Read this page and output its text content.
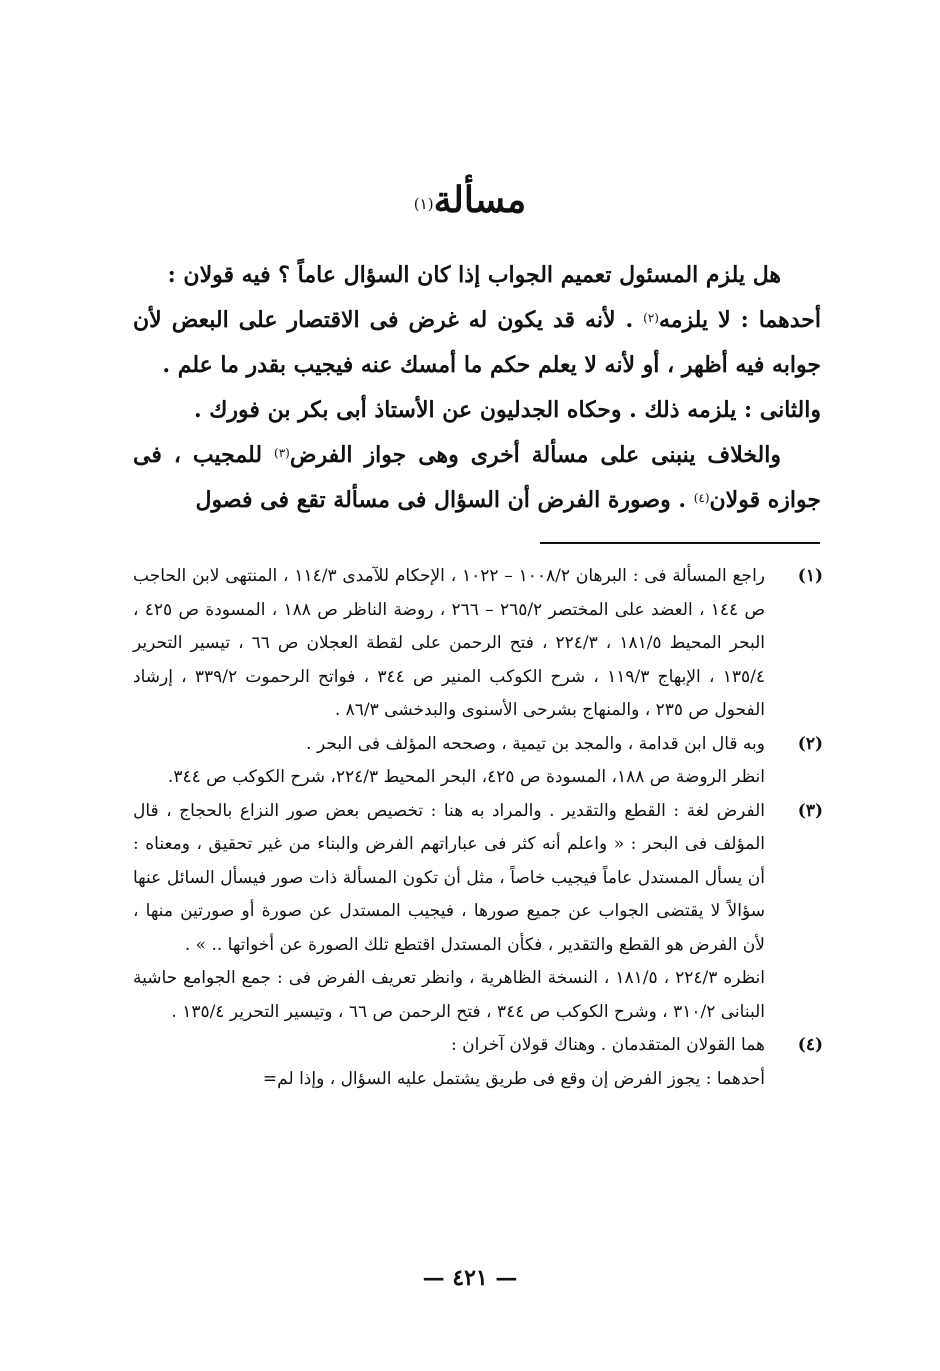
مسألة$^{(١)}$

هل يلزم المسئول تعميم الجواب إذا كان السؤال عاماً ؟ فيه قولان :

أحدهما : لا يلزمه$^{(٢)}$ . لأنه قد يكون له غرض فى الاقتصار على البعض لأن جوابه فيه أظهر ، أو لأنه لا يعلم حكم ما أمسك عنه فيجيب بقدر ما علم .

والثانى : يلزمه ذلك . وحكاه الجدليون عن الأستاذ أبى بكر بن فورك .

والخلاف ينبنى على مسألة أخرى وهى جواز الفرض$^{(٣)}$ للمجيب ، فى جوازه قولان$^{(٤)}$ . وصورة الفرض أن السؤال فى مسألة تقع فى فصول

(١)

راجع المسألة فى : البرهان ١٠٠٨/٢ – ١٠٢٢ ، الإحكام للآمدى ١١٤/٣ ، المنتهى لابن الحاجب ص ١٤٤ ، العضد على المختصر ٢٦٥/٢ – ٢٦٦ ، روضة الناظر ص ١٨٨ ، المسودة ص ٤٢٥ ، البحر المحيط ١٨١/٥ ، ٢٢٤/٣ ، فتح الرحمن على لقطة العجلان ص ٦٦ ، تيسير التحرير ١٣٥/٤ ، الإبهاج ١١٩/٣ ، شرح الكوكب المنير ص ٣٤٤ ، فواتح الرحموت ٣٣٩/٢ ، إرشاد الفحول ص ٢٣٥ ، والمنهاج بشرحى الأسنوى والبدخشى ٨٦/٣ .

(٢)

وبه قال ابن قدامة ، والمجد بن تيمية ، وصححه المؤلف فى البحر .

انظر الروضة ص ١٨٨، المسودة ص ٤٢٥، البحر المحيط ٢٢٤/٣، شرح الكوكب ص ٣٤٤.

(٣)

الفرض لغة : القطع والتقدير . والمراد به هنا : تخصيص بعض صور النزاع بالحجاج ، قال المؤلف فى البحر : « واعلم أنه كثر فى عباراتهم الفرض والبناء من غير تحقيق ، ومعناه : أن يسأل المستدل عاماً فيجيب خاصاً ، مثل أن تكون المسألة ذات صور فيسأل السائل عنها سؤالاً لا يقتضى الجواب عن جميع صورها ، فيجيب المستدل عن صورة أو صورتين منها ، لأن الفرض هو القطع والتقدير ، فكأن المستدل اقتطع تلك الصورة عن أخواتها .. » .

انظره ٢٢٤/٣ ، ١٨١/٥ ، النسخة الظاهرية ، وانظر تعريف الفرض فى : جمع الجوامع حاشية البنانى ٣١٠/٢ ، وشرح الكوكب ص ٣٤٤ ، فتح الرحمن ص ٦٦ ، وتيسير التحرير ١٣٥/٤ .

(٤)

هما القولان المتقدمان . وهناك قولان آخران :

أحدهما : يجوز الفرض إن وقع فى طريق يشتمل عليه السؤال ، وإذا لم=

— ٤٢١ —
